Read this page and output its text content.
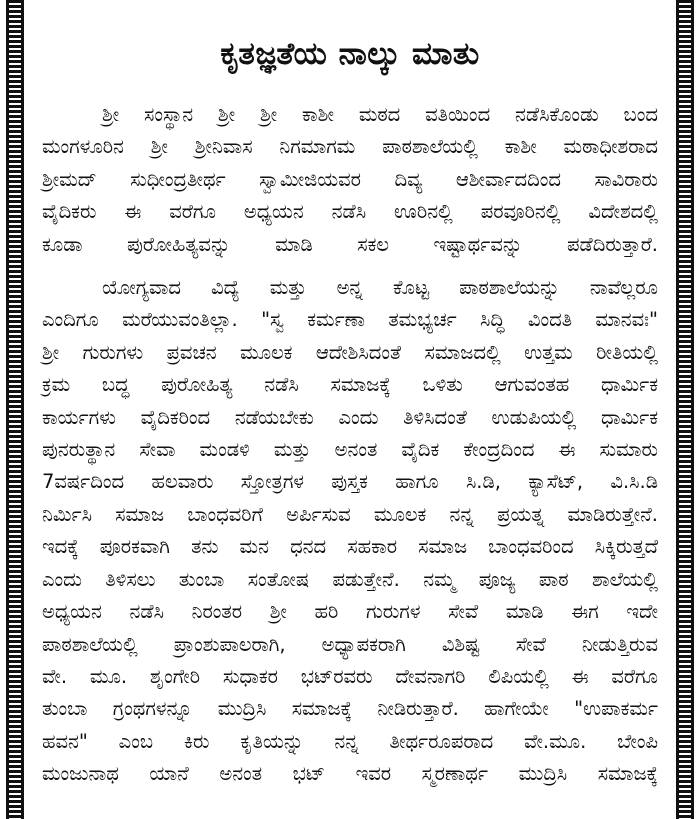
ಕೃತಜ್ಞತೆಯ ನಾಲ್ಕು ಮಾತು
ಶ್ರೀ ಸಂಸ್ಥಾನ ಶ್ರೀ ಶ್ರೀ ಕಾಶೀ ಮಠದ ವತಿಯಿಂದ ನಡೆಸಿಕೊಂಡು ಬಂದ
ಮಂಗಳೂರಿನ ಶ್ರೀ ಶ್ರೀನಿವಾಸ ನಿಗಮಾಗಮ ಪಾಠಶಾಲೆಯಲ್ಲಿ ಕಾಶೀ ಮಠಾಧೀಶರಾದ
ಶ್ರೀಮದ್ ಸುಧೀಂದ್ರತೀರ್ಥ ಸ್ವಾಮೀಜಿಯವರ ದಿವ್ಯ ಆಶೀರ್ವಾದದಿಂದ ಸಾವಿರಾರು
ವೈದಿಕರು ಈ ವರೆಗೂ ಅಧ್ಯಯನ ನಡೆಸಿ ಊರಿನಲ್ಲಿ ಪರವೂರಿನಲ್ಲಿ ವಿದೇಶದಲ್ಲಿ
ಕೂಡಾ ಪುರೋಹಿತ್ಯವನ್ನು ಮಾಡಿ ಸಕಲ ಇಷ್ಟಾರ್ಥವನ್ನು ಪಡೆದಿರುತ್ತಾರೆ.
ಯೋಗ್ಯವಾದ ವಿದ್ಯೆ ಮತ್ತು ಅನ್ನ ಕೊಟ್ಟ ಪಾಠಶಾಲೆಯನ್ನು ನಾವೆಲ್ಲರೂ
ಎಂದಿಗೂ ಮರೆಯುವಂತಿಲ್ಲಾ. "ಸ್ವ ಕರ್ಮಣಾ ತಮಭ್ಯರ್ಚ ಸಿದ್ಧಿ ವಿಂದತಿ ಮಾನವಃ"
ಶ್ರೀ ಗುರುಗಳು ಪ್ರವಚನ ಮೂಲಕ ಆದೇಶಿಸಿದಂತೆ ಸಮಾಜದಲ್ಲಿ ಉತ್ತಮ ರೀತಿಯಲ್ಲಿ
ಕ್ರಮ ಬದ್ಧ ಪುರೋಹಿತ್ಯ ನಡೆಸಿ ಸಮಾಜಕ್ಕೆ ಒಳಿತು ಆಗುವಂತಹ ಧಾರ್ಮಿಕ
ಕಾರ್ಯಗಳು ವೈದಿಕರಿಂದ ನಡೆಯಬೇಕು ಎಂದು ತಿಳಿಸಿದಂತೆ ಉಡುಪಿಯಲ್ಲಿ ಧಾರ್ಮಿಕ
ಪುನರುತ್ಥಾನ ಸೇವಾ ಮಂಡಳಿ ಮತ್ತು ಅನಂತ ವೈದಿಕ ಕೇಂದ್ರದಿಂದ ಈ ಸುಮಾರು
7ವರ್ಷದಿಂದ ಹಲವಾರು ಸ್ತೋತ್ರಗಳ ಪುಸ್ತಕ ಹಾಗೂ ಸಿ.ಡಿ, ಕ್ಯಾಸೆಟ್, ವಿ.ಸಿ.ಡಿ
ನಿರ್ಮಿಸಿ ಸಮಾಜ ಬಾಂಧವರಿಗೆ ಅರ್ಪಿಸುವ ಮೂಲಕ ನನ್ನ ಪ್ರಯತ್ನ ಮಾಡಿರುತ್ತೇನೆ.
ಇದಕ್ಕೆ ಪೂರಕವಾಗಿ ತನು ಮನ ಧನದ ಸಹಕಾರ ಸಮಾಜ ಬಾಂಧವರಿಂದ ಸಿಕ್ಕಿರುತ್ತದೆ
ಎಂದು ತಿಳಿಸಲು ತುಂಬಾ ಸಂತೋಷ ಪಡುತ್ತೇನೆ. ನಮ್ಮ ಪೂಜ್ಯ ಪಾಠ ಶಾಲೆಯಲ್ಲಿ
ಅಧ್ಯಯನ ನಡೆಸಿ ನಿರಂತರ ಶ್ರೀ ಹರಿ ಗುರುಗಳ ಸೇವೆ ಮಾಡಿ ಈಗ ಇದೇ
ಪಾಠಶಾಲೆಯಲ್ಲಿ ಪ್ರಾಂಶುಪಾಲರಾಗಿ, ಅಧ್ಯಾಪಕರಾಗಿ ವಿಶಿಷ್ಟ ಸೇವೆ ನೀಡುತ್ತಿರುವ
ವೇ. ಮೂ. ಶೃಂಗೇರಿ ಸುಧಾಕರ ಭಟ್‌ರವರು ದೇವನಾಗರಿ ಲಿಪಿಯಲ್ಲಿ ಈ ವರೆಗೂ
ತುಂಬಾ ಗ್ರಂಥಗಳನ್ನೂ ಮುದ್ರಿಸಿ ಸಮಾಜಕ್ಕೆ ನೀಡಿರುತ್ತಾರೆ. ಹಾಗೇಯೇ "ಉಪಾಕರ್ಮ
ಹವನ" ಎಂಬ ಕಿರು ಕೃತಿಯನ್ನು ನನ್ನ ತೀರ್ಥರೂಪರಾದ ವೇ.ಮೂ. ಬೇಂಪಿ
ಮಂಜುನಾಥ ಯಾನೆ ಅನಂತ ಭಟ್ ಇವರ ಸ್ಮರಣಾರ್ಥ ಮುದ್ರಿಸಿ ಸಮಾಜಕ್ಕೆ
